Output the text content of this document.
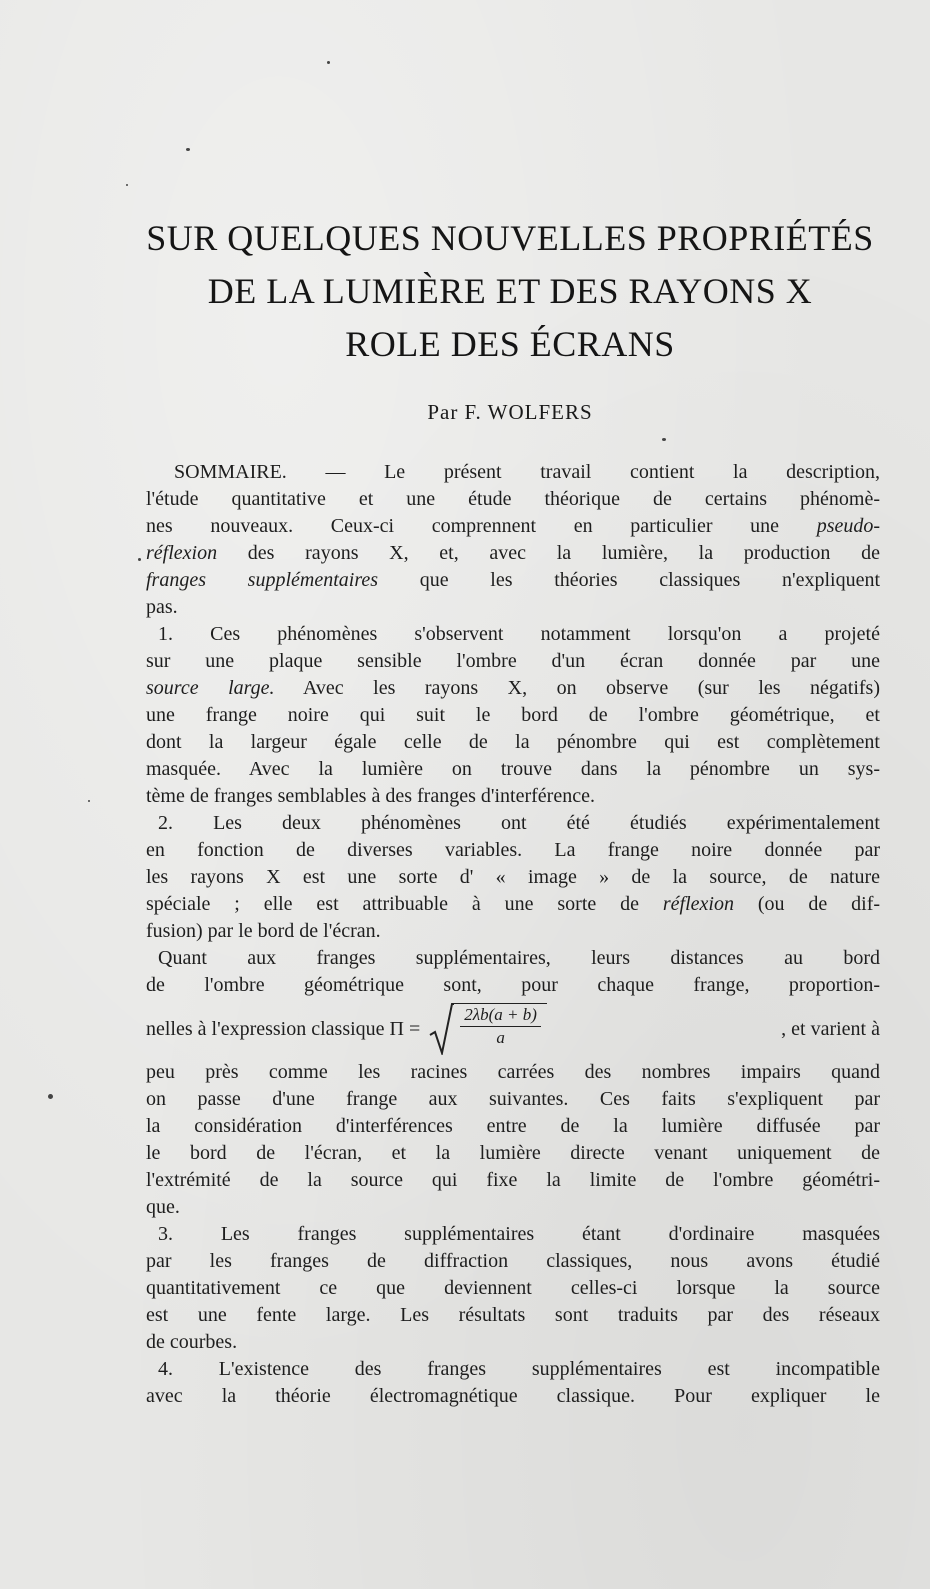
SUR QUELQUES NOUVELLES PROPRIÉTÉS
DE LA LUMIÈRE ET DES RAYONS X
ROLE DES ÉCRANS
Par F. WOLFERS
SOMMAIRE. — Le présent travail contient la description,
l'étude quantitative et une étude théorique de certains phénomè-
nes nouveaux. Ceux-ci comprennent en particulier une pseudo-
réflexion des rayons X, et, avec la lumière, la production de
franges supplémentaires que les théories classiques n'expliquent
pas.
1. Ces phénomènes s'observent notamment lorsqu'on a projeté
sur une plaque sensible l'ombre d'un écran donnée par une
source large. Avec les rayons X, on observe (sur les négatifs)
une frange noire qui suit le bord de l'ombre géométrique, et
dont la largeur égale celle de la pénombre qui est complètement
masquée. Avec la lumière on trouve dans la pénombre un sys-
tème de franges semblables à des franges d'interférence.
2. Les deux phénomènes ont été étudiés expérimentalement
en fonction de diverses variables. La frange noire donnée par
les rayons X est une sorte d' « image » de la source, de nature
spéciale ; elle est attribuable à une sorte de réflexion (ou de dif-
fusion) par le bord de l'écran.
Quant aux franges supplémentaires, leurs distances au bord
de l'ombre géométrique sont, pour chaque frange, proportion-
nelles à l'expression classique $\Pi = \frac{2\lambda b(a + b)}{a}$	, et varient à
peu près comme les racines carrées des nombres impairs quand
on passe d'une frange aux suivantes. Ces faits s'expliquent par
la considération d'interférences entre de la lumière diffusée par
le bord de l'écran, et la lumière directe venant uniquement de
l'extrémité de la source qui fixe la limite de l'ombre géométri-
que.
3. Les franges supplémentaires étant d'ordinaire masquées
par les franges de diffraction classiques, nous avons étudié
quantitativement ce que deviennent celles-ci lorsque la source
est une fente large. Les résultats sont traduits par des réseaux
de courbes.
4. L'existence des franges supplémentaires est incompatible
avec la théorie électromagnétique classique. Pour expliquer le
